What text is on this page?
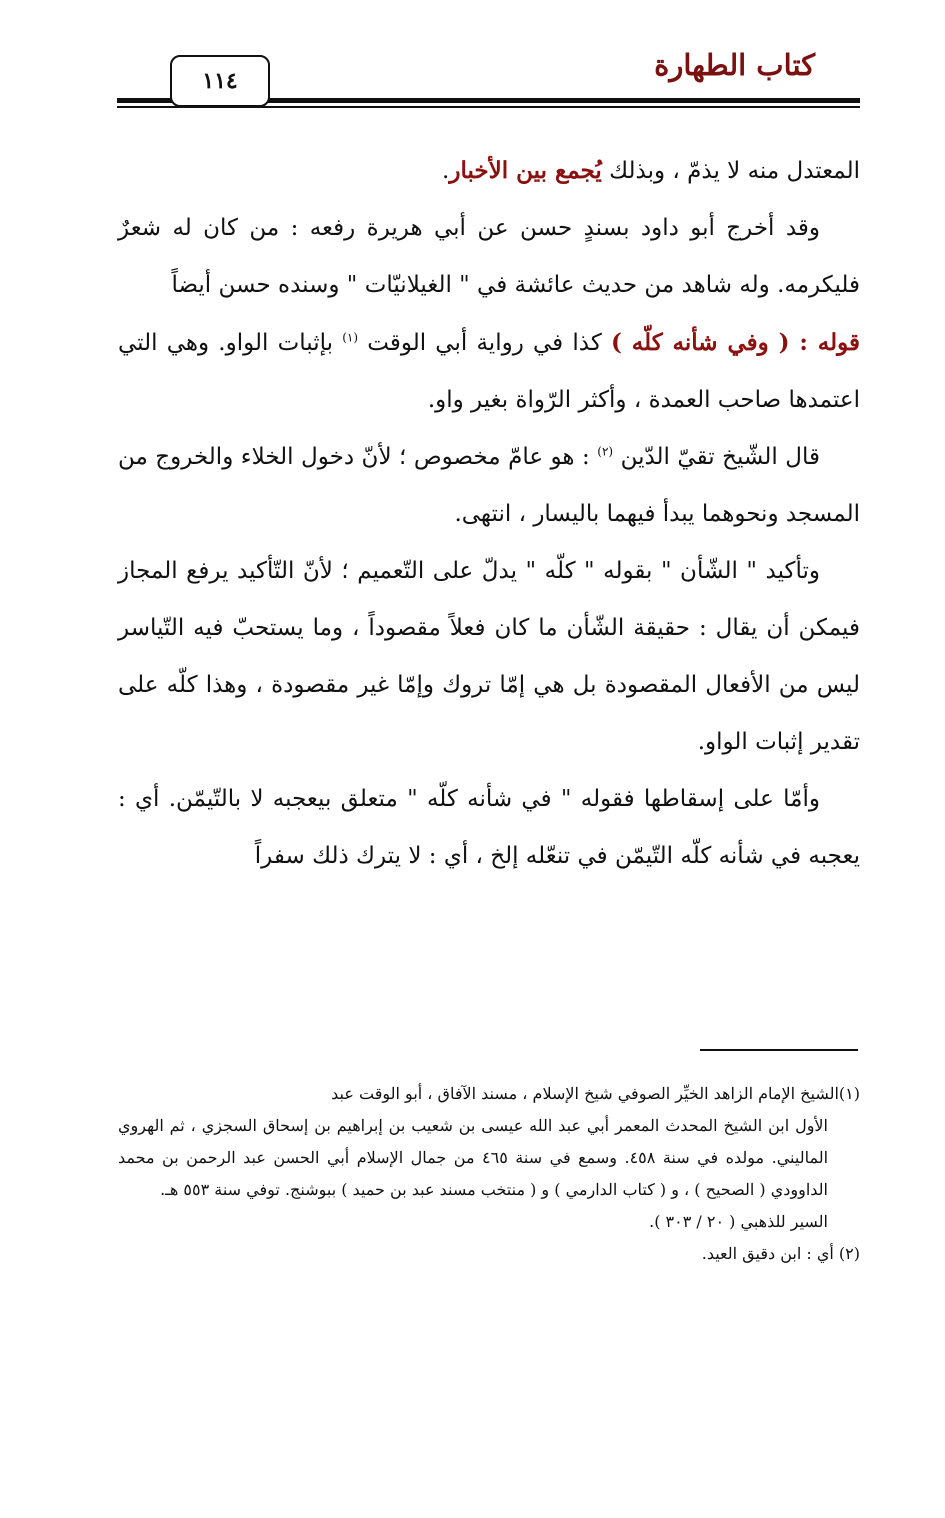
كتاب الطهارة
١١٤

المعتدل منه لا يذمّ ، وبذلك يُجمع بين الأخبار.

وقد أخرج أبو داود بسندٍ حسن عن أبي هريرة رفعه : من كان له شعرٌ فليكرمه. وله شاهد من حديث عائشة في " الغيلانيّات " وسنده حسن أيضاً

قوله : ( وفي شأنه كلّه ) كذا في رواية أبي الوقت $^{(١)}$ بإثبات الواو. وهي التي اعتمدها صاحب العمدة ، وأكثر الرّواة بغير واو.

قال الشّيخ تقيّ الدّين $^{(٢)}$ : هو عامّ مخصوص ؛ لأنّ دخول الخلاء والخروج من المسجد ونحوهما يبدأ فيهما باليسار ، انتهى.

وتأكيد " الشّأن " بقوله " كلّه " يدلّ على التّعميم ؛ لأنّ التّأكيد يرفع المجاز فيمكن أن يقال : حقيقة الشّأن ما كان فعلاً مقصوداً ، وما يستحبّ فيه التّياسر ليس من الأفعال المقصودة بل هي إمّا تروك وإمّا غير مقصودة ، وهذا كلّه على تقدير إثبات الواو.

وأمّا على إسقاطها فقوله " في شأنه كلّه " متعلق بيعجبه لا بالتّيمّن. أي : يعجبه في شأنه كلّه التّيمّن في تنعّله إلخ ، أي : لا يترك ذلك سفراً

(١)الشيخ الإمام الزاهد الخيِّر الصوفي شيخ الإسلام ، مسند الآفاق ، أبو الوقت عبد

الأول ابن الشيخ المحدث المعمر أبي عبد الله عيسى بن شعيب بن إبراهيم بن إسحاق السجزي ، ثم الهروي الماليني. مولده في سنة ٤٥٨. وسمع في سنة ٤٦٥ من جمال الإسلام أبي الحسن عبد الرحمن بن محمد الداوودي ( الصحيح ) ، و ( كتاب الدارمي ) و ( منتخب مسند عبد بن حميد ) ببوشنج. توفي سنة ٥٥٣ هـ.

السير للذهبي ( ٢٠ / ٣٠٣ ).

(٢) أي : ابن دقيق العيد.
